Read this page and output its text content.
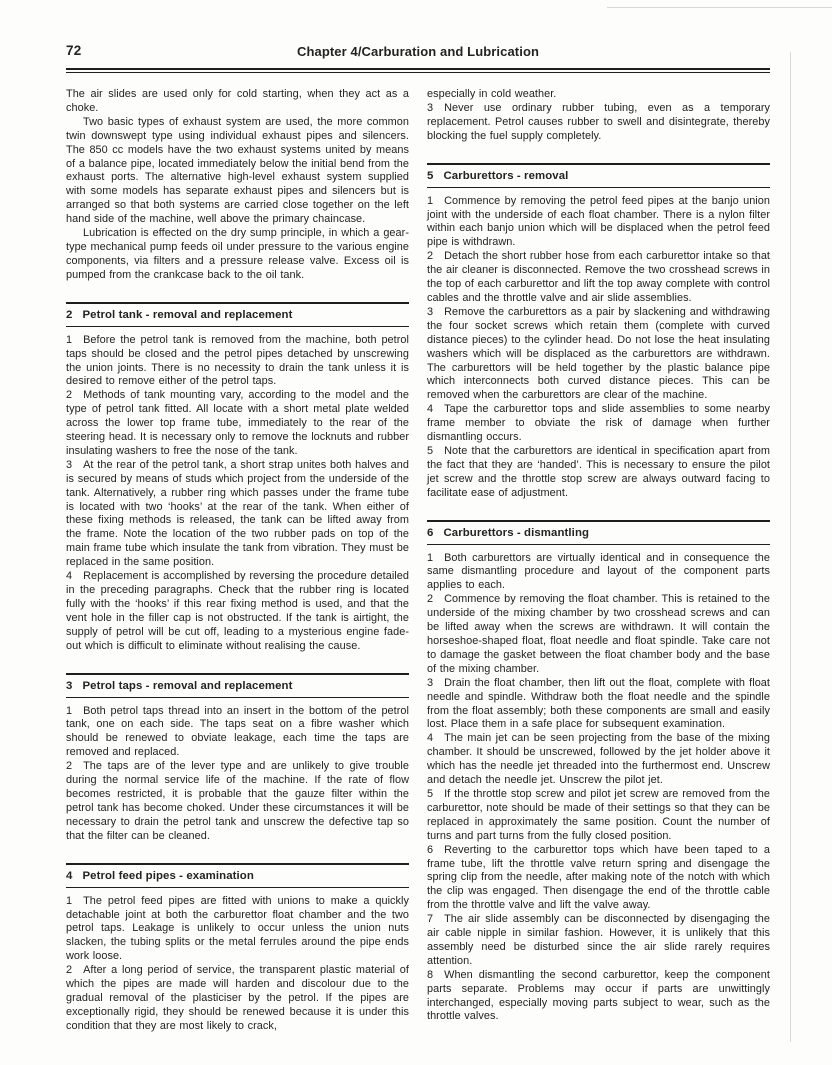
72	Chapter 4/Carburation and Lubrication

The air slides are used only for cold starting, when they act as a choke.

Two basic types of exhaust system are used, the more common twin downswept type using individual exhaust pipes and silencers. The 850 cc models have the two exhaust systems united by means of a balance pipe, located immediately below the initial bend from the exhaust ports. The alternative high-level exhaust system supplied with some models has separate exhaust pipes and silencers but is arranged so that both systems are carried close together on the left hand side of the machine, well above the primary chaincase.

Lubrication is effected on the dry sump principle, in which a gear-type mechanical pump feeds oil under pressure to the various engine components, via filters and a pressure release valve. Excess oil is pumped from the crankcase back to the oil tank.

2 Petrol tank - removal and replacement

1 Before the petrol tank is removed from the machine, both petrol taps should be closed and the petrol pipes detached by unscrewing the union joints. There is no necessity to drain the tank unless it is desired to remove either of the petrol taps.

2 Methods of tank mounting vary, according to the model and the type of petrol tank fitted. All locate with a short metal plate welded across the lower top frame tube, immediately to the rear of the steering head. It is necessary only to remove the locknuts and rubber insulating washers to free the nose of the tank.

3 At the rear of the petrol tank, a short strap unites both halves and is secured by means of studs which project from the underside of the tank. Alternatively, a rubber ring which passes under the frame tube is located with two ‘hooks’ at the rear of the tank. When either of these fixing methods is released, the tank can be lifted away from the frame. Note the location of the two rubber pads on top of the main frame tube which insulate the tank from vibration. They must be replaced in the same position.

4 Replacement is accomplished by reversing the procedure detailed in the preceding paragraphs. Check that the rubber ring is located fully with the ‘hooks’ if this rear fixing method is used, and that the vent hole in the filler cap is not obstructed. If the tank is airtight, the supply of petrol will be cut off, leading to a mysterious engine fade-out which is difficult to eliminate without realising the cause.

3 Petrol taps - removal and replacement

1 Both petrol taps thread into an insert in the bottom of the petrol tank, one on each side. The taps seat on a fibre washer which should be renewed to obviate leakage, each time the taps are removed and replaced.

2 The taps are of the lever type and are unlikely to give trouble during the normal service life of the machine. If the rate of flow becomes restricted, it is probable that the gauze filter within the petrol tank has become choked. Under these circumstances it will be necessary to drain the petrol tank and unscrew the defective tap so that the filter can be cleaned.

4 Petrol feed pipes - examination

1 The petrol feed pipes are fitted with unions to make a quickly detachable joint at both the carburettor float chamber and the two petrol taps. Leakage is unlikely to occur unless the union nuts slacken, the tubing splits or the metal ferrules around the pipe ends work loose.

2 After a long period of service, the transparent plastic material of which the pipes are made will harden and discolour due to the gradual removal of the plasticiser by the petrol. If the pipes are exceptionally rigid, they should be renewed because it is under this condition that they are most likely to crack,

especially in cold weather.

3 Never use ordinary rubber tubing, even as a temporary replacement. Petrol causes rubber to swell and disintegrate, thereby blocking the fuel supply completely.

5 Carburettors - removal

1 Commence by removing the petrol feed pipes at the banjo union joint with the underside of each float chamber. There is a nylon filter within each banjo union which will be displaced when the petrol feed pipe is withdrawn.

2 Detach the short rubber hose from each carburettor intake so that the air cleaner is disconnected. Remove the two crosshead screws in the top of each carburettor and lift the top away complete with control cables and the throttle valve and air slide assemblies.

3 Remove the carburettors as a pair by slackening and withdrawing the four socket screws which retain them (complete with curved distance pieces) to the cylinder head. Do not lose the heat insulating washers which will be displaced as the carburettors are withdrawn. The carburettors will be held together by the plastic balance pipe which interconnects both curved distance pieces. This can be removed when the carburettors are clear of the machine.

4 Tape the carburettor tops and slide assemblies to some nearby frame member to obviate the risk of damage when further dismantling occurs.

5 Note that the carburettors are identical in specification apart from the fact that they are ‘handed’. This is necessary to ensure the pilot jet screw and the throttle stop screw are always outward facing to facilitate ease of adjustment.

6 Carburettors - dismantling

1 Both carburettors are virtually identical and in consequence the same dismantling procedure and layout of the component parts applies to each.

2 Commence by removing the float chamber. This is retained to the underside of the mixing chamber by two crosshead screws and can be lifted away when the screws are withdrawn. It will contain the horseshoe-shaped float, float needle and float spindle. Take care not to damage the gasket between the float chamber body and the base of the mixing chamber.

3 Drain the float chamber, then lift out the float, complete with float needle and spindle. Withdraw both the float needle and the spindle from the float assembly; both these components are small and easily lost. Place them in a safe place for subsequent examination.

4 The main jet can be seen projecting from the base of the mixing chamber. It should be unscrewed, followed by the jet holder above it which has the needle jet threaded into the furthermost end. Unscrew and detach the needle jet. Unscrew the pilot jet.

5 If the throttle stop screw and pilot jet screw are removed from the carburettor, note should be made of their settings so that they can be replaced in approximately the same position. Count the number of turns and part turns from the fully closed position.

6 Reverting to the carburettor tops which have been taped to a frame tube, lift the throttle valve return spring and disengage the spring clip from the needle, after making note of the notch with which the clip was engaged. Then disengage the end of the throttle cable from the throttle valve and lift the valve away.

7 The air slide assembly can be disconnected by disengaging the air cable nipple in similar fashion. However, it is unlikely that this assembly need be disturbed since the air slide rarely requires attention.

8 When dismantling the second carburettor, keep the component parts separate. Problems may occur if parts are unwittingly interchanged, especially moving parts subject to wear, such as the throttle valves.
